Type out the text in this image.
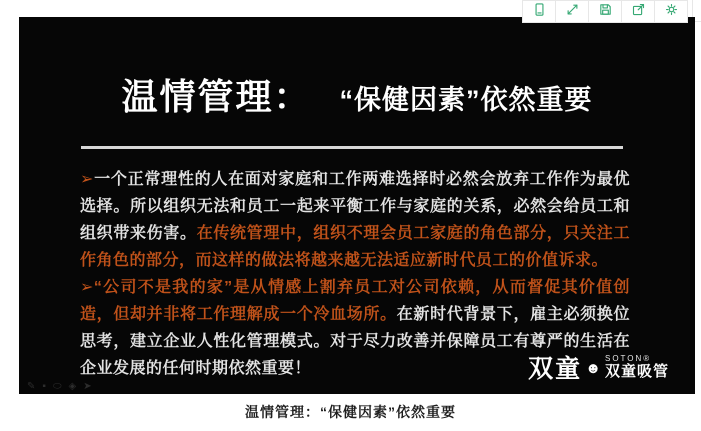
温情管理： “保健因素”依然重要

➢一个正常理性的人在面对家庭和工作两难选择时必然会放弃工作作为最优选择。所以组织无法和员工一起来平衡工作与家庭的关系，必然会给员工和组织带来伤害。在传统管理中，组织不理会员工家庭的角色部分，只关注工作角色的部分，而这样的做法将越来越无法适应新时代员工的价值诉求。

➢“公司不是我的家”是从情感上割弃员工对公司依赖，从而督促其价值创造，但却并非将工作理解成一个冷血场所。在新时代背景下，雇主必须换位思考，建立企业人性化管理模式。对于尽力改善并保障员工有尊严的生活在企业发展的任何时期依然重要！	双童 ☻
SOTON®
双童吸管
✎ ▪ ⬭ ◈ ➤
温情管理：“保健因素”依然重要
